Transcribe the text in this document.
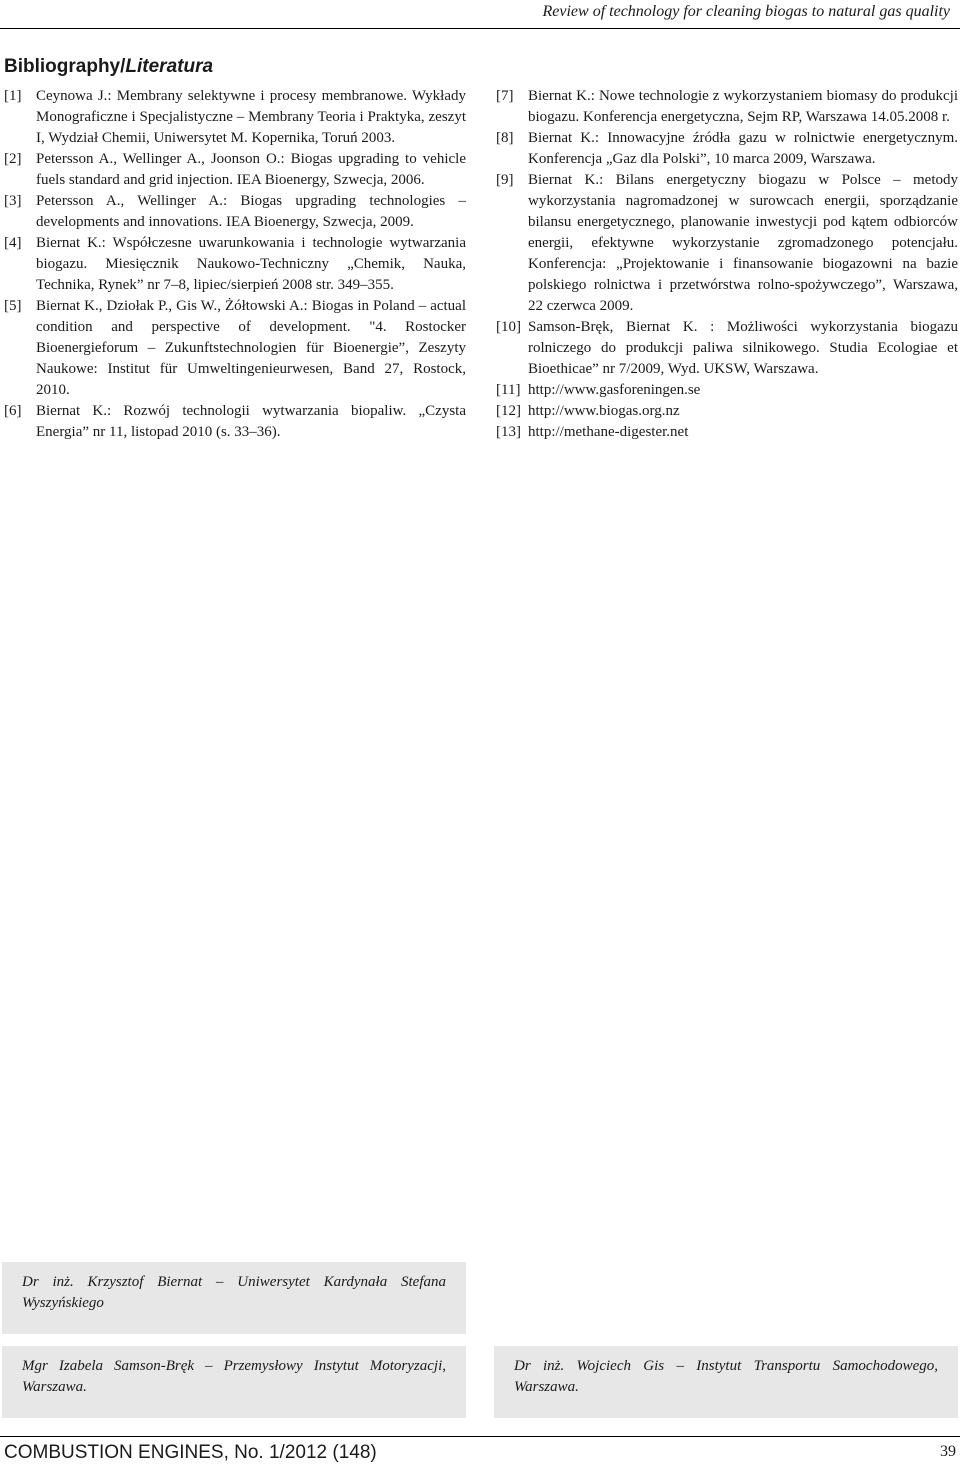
Review of technology for cleaning biogas to natural gas quality
Bibliography/Literatura
[1] Ceynowa J.: Membrany selektywne i procesy membranowe. Wykłady Monograficzne i Specjalistyczne – Membrany Teoria i Praktyka, zeszyt I, Wydział Chemii, Uniwersytet M. Kopernika, Toruń 2003.
[2] Petersson A., Wellinger A., Joonson O.: Biogas upgrading to vehicle fuels standard and grid injection. IEA Bioenergy, Szwecja, 2006.
[3] Petersson A., Wellinger A.: Biogas upgrading technologies – developments and innovations. IEA Bioenergy, Szwecja, 2009.
[4] Biernat K.: Współczesne uwarunkowania i technologie wytwarzania biogazu. Miesięcznik Naukowo-Techniczny „Chemik, Nauka, Technika, Rynek” nr 7–8, lipiec/sierpień 2008 str. 349–355.
[5] Biernat K., Dziołak P., Gis W., Żółtowski A.: Biogas in Poland – actual condition and perspective of development. "4. Rostocker Bioenergieforum – Zukunftstechnologien für Bioenergie”, Zeszyty Naukowe: Institut für Umweltingenieurwesen, Band 27, Rostock, 2010.
[6] Biernat K.: Rozwój technologii wytwarzania biopaliw. „Czysta Energia” nr 11, listopad 2010 (s. 33–36).
[7] Biernat K.: Nowe technologie z wykorzystaniem biomasy do produkcji biogazu. Konferencja energetyczna, Sejm RP, Warszawa 14.05.2008 r.
[8] Biernat K.: Innowacyjne źródła gazu w rolnictwie energetycznym. Konferencja „Gaz dla Polski”, 10 marca 2009, Warszawa.
[9] Biernat K.: Bilans energetyczny biogazu w Polsce – metody wykorzystania nagromadzonej w surowcach energii, sporządzanie bilansu energetycznego, planowanie inwestycji pod kątem odbiorców energii, efektywne wykorzystanie zgromadzonego potencjału. Konferencja: „Projektowanie i finansowanie biogazowni na bazie polskiego rolnictwa i przetwórstwa rolno-spożywczego”, Warszawa, 22 czerwca 2009.
[10] Samson-Bręk, Biernat K. : Możliwości wykorzystania biogazu rolniczego do produkcji paliwa silnikowego. Studia Ecologiae et Bioethicae” nr 7/2009, Wyd. UKSW, Warszawa.
[11] http://www.gasforeningen.se
[12] http://www.biogas.org.nz
[13] http://methane-digester.net
Dr inż. Krzysztof Biernat – Uniwersytet Kardynała Stefana Wyszyńskiego
Mgr Izabela Samson-Bręk – Przemysłowy Instytut Motoryzacji, Warszawa.
Dr inż. Wojciech Gis – Instytut Transportu Samochodowego, Warszawa.
COMBUSTION ENGINES, No. 1/2012 (148)	39
